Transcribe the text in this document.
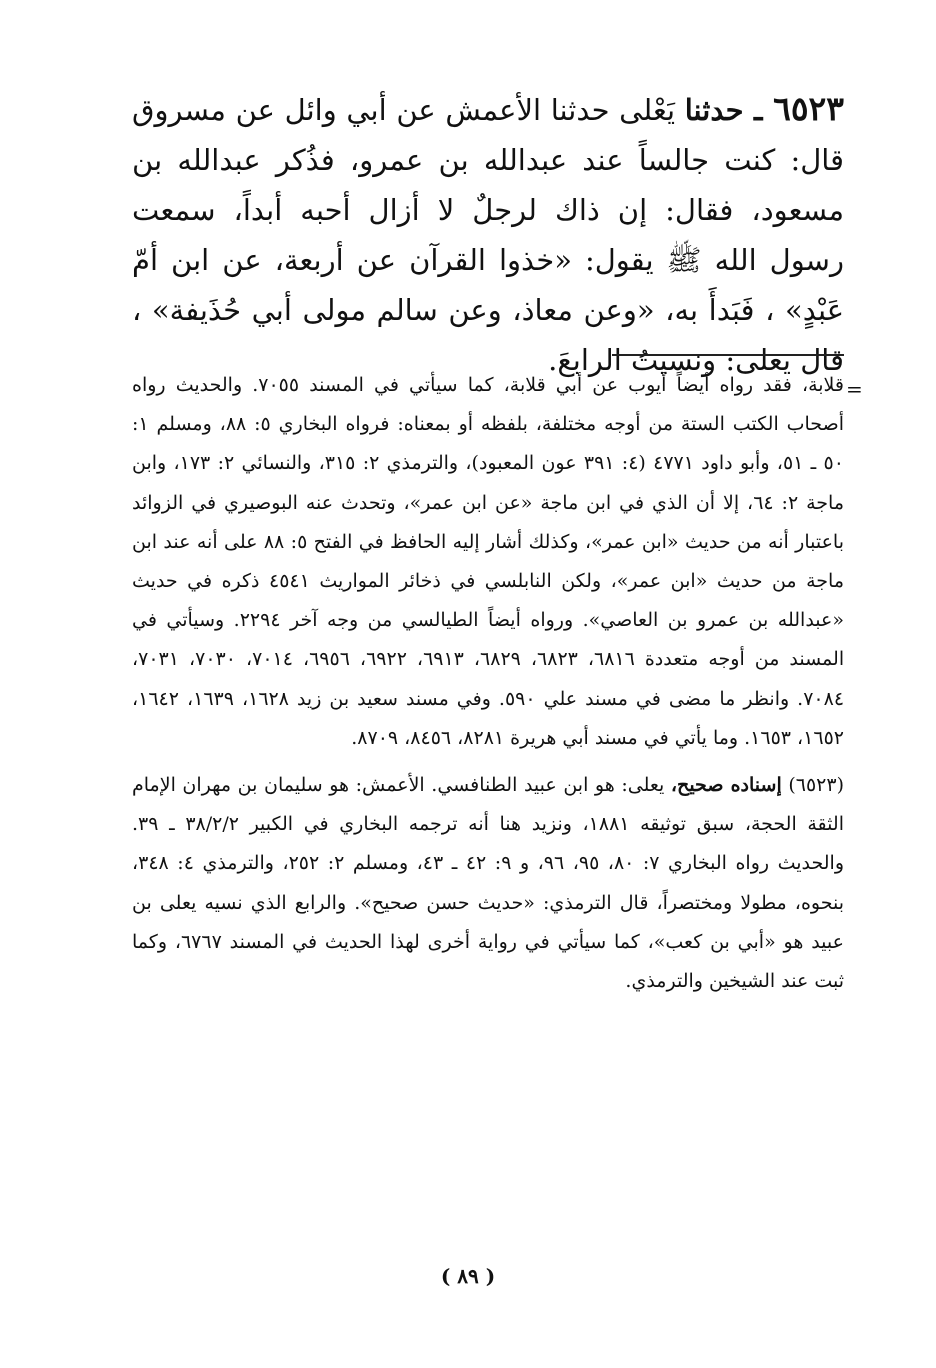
٦٥٢٣ ـ حدثنا يَعْلى حدثنا الأعمش عن أبي وائل عن مسروق قال: كنت جالساً عند عبدالله بن عمرو، فذُكر عبدالله بن مسعود، فقال: إن ذاك لرجلٌ لا أزال أحبه أبداً، سمعت رسول الله ﷺ يقول: «خذوا القرآن عن أربعة، عن ابن أمّ عَبْدٍ» ، فَبَدأَ به، «وعن معاذ، وعن سالم مولى أبي حُذَيفة» ، قال يعلى: ونسيتُ الرابعَ.
=

قلابة، فقد رواه أيضاً أيوب عن أبي قلابة، كما سيأتي في المسند ٧٠٥٥. والحديث رواه أصحاب الكتب الستة من أوجه مختلفة، بلفظه أو بمعناه: فرواه البخاري ٥: ٨٨، ومسلم ١: ٥٠ ـ ٥١، وأبو داود ٤٧٧١ (٤: ٣٩١ عون المعبود)، والترمذي ٢: ٣١٥، والنسائي ٢: ١٧٣، وابن ماجة ٢: ٦٤، إلا أن الذي في ابن ماجة «عن ابن عمر»، وتحدث عنه البوصيري في الزوائد باعتبار أنه من حديث «ابن عمر»، وكذلك أشار إليه الحافظ في الفتح ٥: ٨٨ على أنه عند ابن ماجة من حديث «ابن عمر»، ولكن النابلسي في ذخائر المواريث ٤٥٤١ ذكره في حديث «عبدالله بن عمرو بن العاصي». ورواه أيضاً الطيالسي من وجه آخر ٢٢٩٤. وسيأتي في المسند من أوجه متعددة ٦٨١٦، ٦٨٢٣، ٦٨٢٩، ٦٩١٣، ٦٩٢٢، ٦٩٥٦، ٧٠١٤، ٧٠٣٠، ٧٠٣١، ٧٠٨٤. وانظر ما مضى في مسند علي ٥٩٠. وفي مسند سعيد بن زيد ١٦٢٨، ١٦٣٩، ١٦٤٢، ١٦٥٢، ١٦٥٣. وما يأتي في مسند أبي هريرة ٨٢٨١، ٨٤٥٦، ٨٧٠٩.

(٦٥٢٣) إسناده صحيح، يعلى: هو ابن عبيد الطنافسي. الأعمش: هو سليمان بن مهران الإمام الثقة الحجة، سبق توثيقه ١٨٨١، ونزيد هنا أنه ترجمه البخاري في الكبير ٣٨/٢/٢ ـ ٣٩. والحديث رواه البخاري ٧: ٨٠، ٩٥، ٩٦، و ٩: ٤٢ ـ ٤٣، ومسلم ٢: ٢٥٢، والترمذي ٤: ٣٤٨، بنحوه، مطولا ومختصراً، قال الترمذي: «حديث حسن صحيح». والرابع الذي نسيه يعلى بن عبيد هو «أبي بن كعب»، كما سيأتي في رواية أخرى لهذا الحديث في المسند ٦٧٦٧، وكما ثبت عند الشيخين والترمذي.

( ٨٩ )
